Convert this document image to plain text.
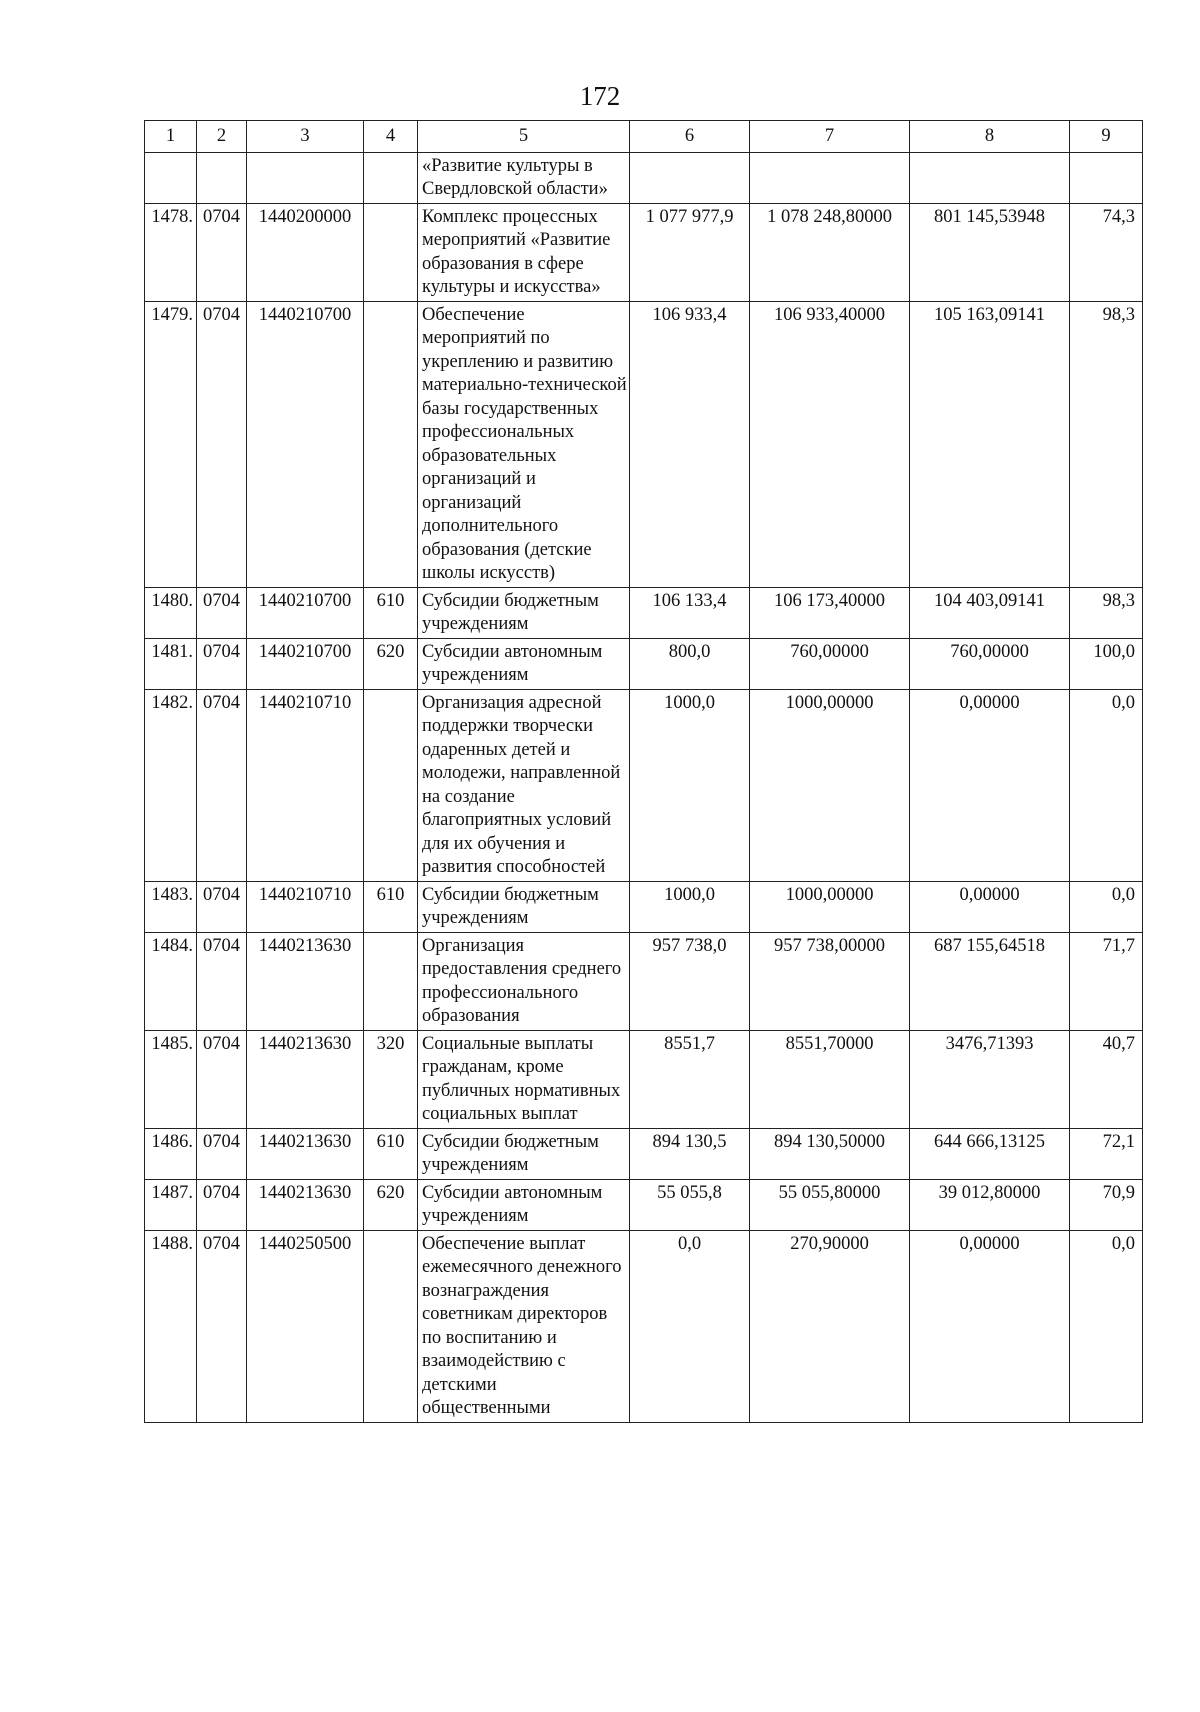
172
1	2	3	4	5	6	7	8	9
				«Развитие культуры в Свердловской области»				
1478.	0704	1440200000		Комплекс процессных мероприятий «Развитие образования в сфере культуры и искусства»	1 077 977,9	1 078 248,80000	801 145,53948	74,3
1479.	0704	1440210700		Обеспечение мероприятий по укреплению и развитию материально-технической базы государственных профессиональных образовательных организаций и организаций дополнительного образования (детские школы искусств)	106 933,4	106 933,40000	105 163,09141	98,3
1480.	0704	1440210700	610	Субсидии бюджетным учреждениям	106 133,4	106 173,40000	104 403,09141	98,3
1481.	0704	1440210700	620	Субсидии автономным учреждениям	800,0	760,00000	760,00000	100,0
1482.	0704	1440210710		Организация адресной поддержки творчески одаренных детей и молодежи, направленной на создание благоприятных условий для их обучения и развития способностей	1000,0	1000,00000	0,00000	0,0
1483.	0704	1440210710	610	Субсидии бюджетным учреждениям	1000,0	1000,00000	0,00000	0,0
1484.	0704	1440213630		Организация предоставления среднего профессионального образования	957 738,0	957 738,00000	687 155,64518	71,7
1485.	0704	1440213630	320	Социальные выплаты гражданам, кроме публичных нормативных социальных выплат	8551,7	8551,70000	3476,71393	40,7
1486.	0704	1440213630	610	Субсидии бюджетным учреждениям	894 130,5	894 130,50000	644 666,13125	72,1
1487.	0704	1440213630	620	Субсидии автономным учреждениям	55 055,8	55 055,80000	39 012,80000	70,9
1488.	0704	1440250500		Обеспечение выплат ежемесячного денежного вознаграждения советникам директоров по воспитанию и взаимодействию с детскими общественными	0,0	270,90000	0,00000	0,0
